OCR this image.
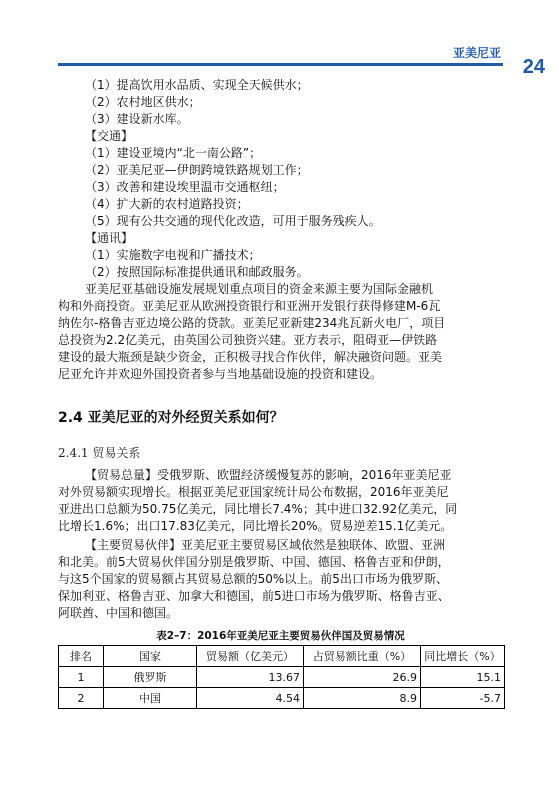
亚美尼亚
24
（1）提高饮用水品质、实现全天候供水；
（2）农村地区供水；
（3）建设新水库。
【交通】
（1）建设亚境内“北一南公路”；
（2）亚美尼亚—伊朗跨境铁路规划工作；
（3）改善和建设埃里温市交通枢纽；
（4）扩大新的农村道路投资；
（5）现有公共交通的现代化改造，可用于服务残疾人。
【通讯】
（1）实施数字电视和广播技术；
（2）按照国际标准提供通讯和邮政服务。
亚美尼亚基础设施发展规划重点项目的资金来源主要为国际金融机
构和外商投资。亚美尼亚从欧洲投资银行和亚洲开发银行获得修建M-6瓦
纳佐尔-格鲁吉亚边境公路的贷款。亚美尼亚新建234兆瓦新火电厂，项目
总投资为2.2亿美元，由英国公司独资兴建。亚方表示，阻碍亚—伊铁路
建设的最大瓶颈是缺少资金，正积极寻找合作伙伴，解决融资问题。亚美
尼亚允许并欢迎外国投资者参与当地基础设施的投资和建设。
2.4 亚美尼亚的对外经贸关系如何？
2.4.1 贸易关系
【贸易总量】受俄罗斯、欧盟经济缓慢复苏的影响，2016年亚美尼亚
对外贸易额实现增长。根据亚美尼亚国家统计局公布数据，2016年亚美尼
亚进出口总额为50.75亿美元，同比增长7.4%；其中进口32.92亿美元，同
比增长1.6%；出口17.83亿美元，同比增长20%。贸易逆差15.1亿美元。
【主要贸易伙伴】亚美尼亚主要贸易区域依然是独联体、欧盟、亚洲
和北美。前5大贸易伙伴国分别是俄罗斯、中国、德国、格鲁吉亚和伊朗，
与这5个国家的贸易额占其贸易总额的50%以上。前5出口市场为俄罗斯、
保加利亚、格鲁吉亚、加拿大和德国，前5进口市场为俄罗斯、格鲁吉亚、
阿联酋、中国和德国。
表2–7：2016年亚美尼亚主要贸易伙伴国及贸易情况
排名	国家	贸易额（亿美元）	占贸易额比重（%）	同比增长（%）
1	俄罗斯	13.67	26.9	15.1
2	中国	4.54	8.9	-5.7
